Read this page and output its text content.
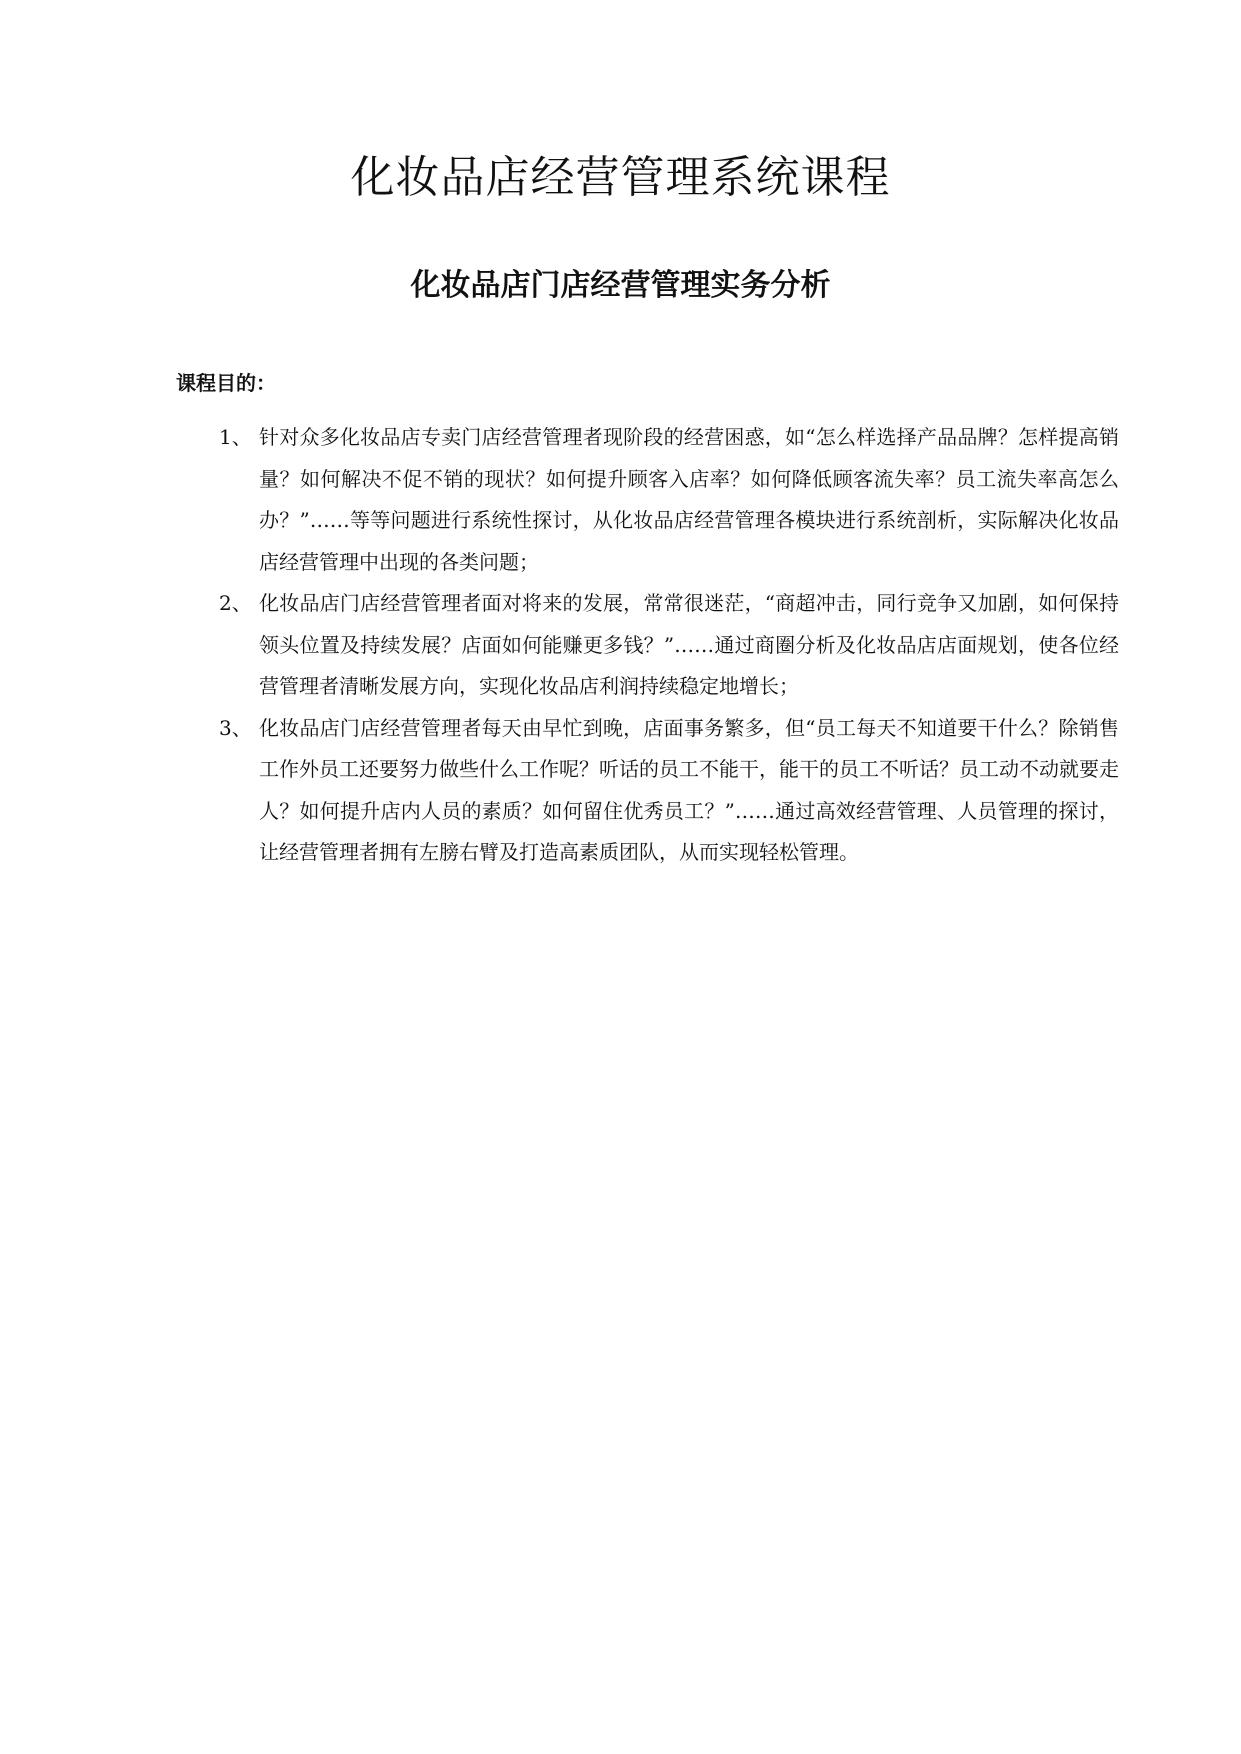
化妆品店经营管理系统课程
化妆品店门店经营管理实务分析
课程目的：
1、 针对众多化妆品店专卖门店经营管理者现阶段的经营困惑，如“怎么样选择产品品牌？怎样提高销量？如何解决不促不销的现状？如何提升顾客入店率？如何降低顾客流失率？员工流失率高怎么办？”……等等问题进行系统性探讨，从化妆品店经营管理各模块进行系统剖析，实际解决化妆品店经营管理中出现的各类问题；
2、 化妆品店门店经营管理者面对将来的发展，常常很迷茫，“商超冲击，同行竞争又加剧，如何保持领头位置及持续发展？店面如何能赚更多钱？”……通过商圈分析及化妆品店店面规划，使各位经营管理者清晰发展方向，实现化妆品店利润持续稳定地增长；
3、 化妆品店门店经营管理者每天由早忙到晚，店面事务繁多，但“员工每天不知道要干什么？除销售工作外员工还要努力做些什么工作呢？听话的员工不能干，能干的员工不听话？员工动不动就要走人？如何提升店内人员的素质？如何留住优秀员工？”……通过高效经营管理、人员管理的探讨，让经营管理者拥有左膀右臂及打造高素质团队，从而实现轻松管理。
